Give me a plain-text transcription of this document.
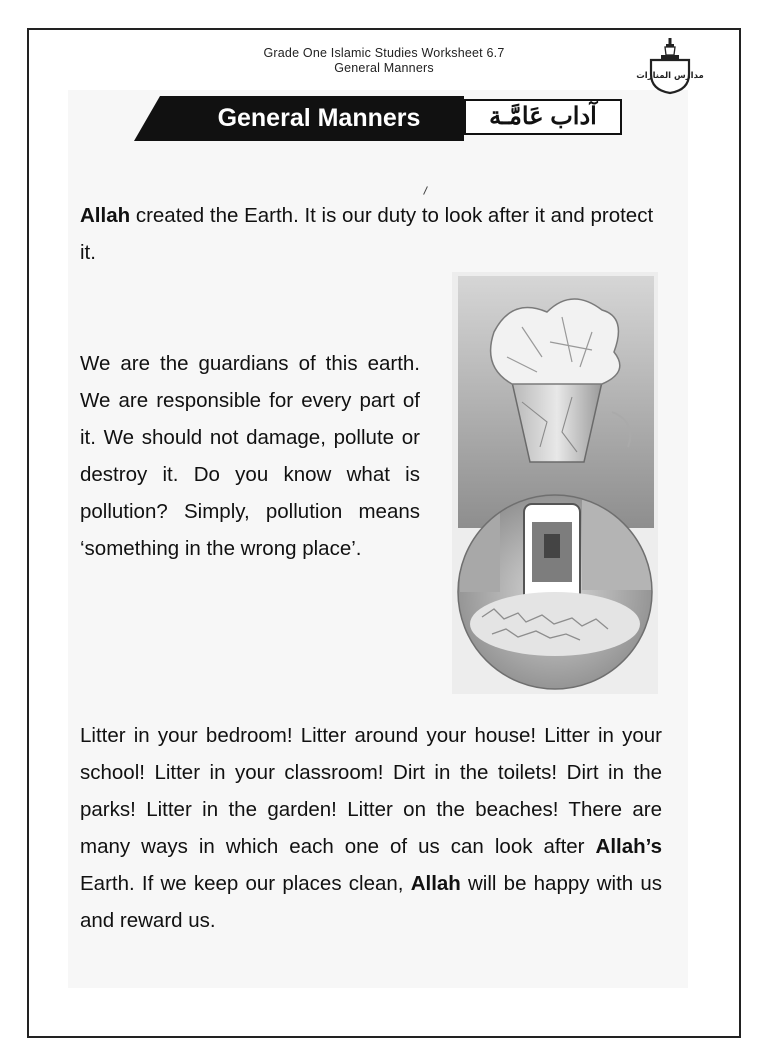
Grade One Islamic Studies Worksheet 6.7
General Manners
مدارس المنارات
General Manners	آداب عَامَّـة

Allah created the Earth. It is our duty to look after it and protect it.

We are the guardians of this earth. We are responsible for every part of it. We should not damage, pollute or destroy it. Do you know what is pollution? Simply, pollution means ‘something in the wrong place’.

Litter in your bedroom! Litter around your house! Litter in your school! Litter in your classroom! Dirt in the toilets! Dirt in the parks! Litter in the garden! Litter on the beaches! There are many ways in which each one of us can look after Allah’s Earth. If we keep our places clean, Allah will be happy with us and reward us.
